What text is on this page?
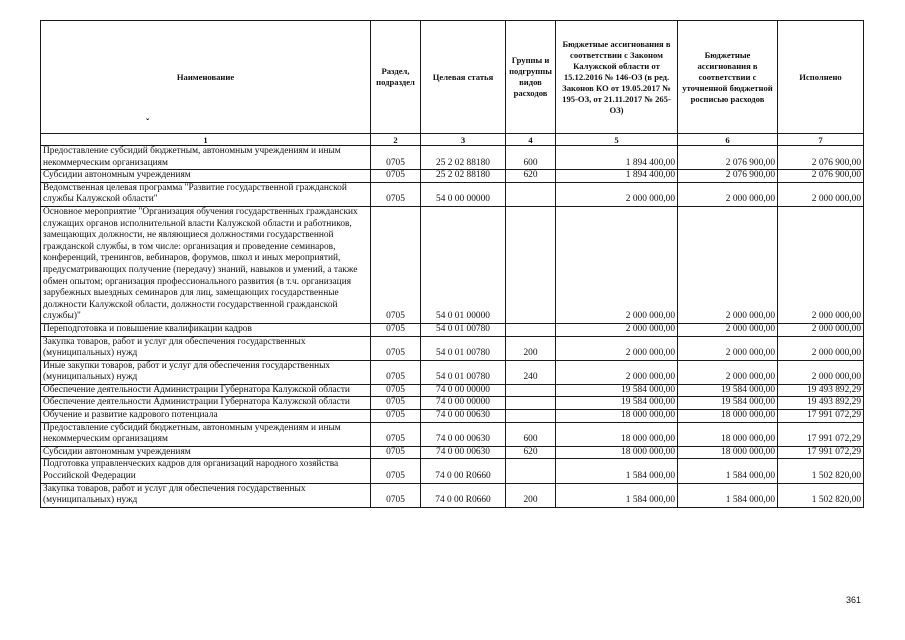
Наименование	Раздел, подраздел	Целевая статья	Группы и подгруппы видов расходов	Бюджетные ассигнования в соответствии с Законом Калужской области от 15.12.2016 № 146-ОЗ (в ред. Законов КО от 19.05.2017 № 195-ОЗ, от 21.11.2017 № 265-ОЗ)	Бюджетные ассигнования в соответствии с уточненной бюджетной росписью расходов	Исполнено
1	2	3	4	5	6	7
Предоставление субсидий бюджетным, автономным учреждениям и иным некоммерческим организациям	0705	25 2 02 88180	600	1 894 400,00	2 076 900,00	2 076 900,00
Субсидии автономным учреждениям	0705	25 2 02 88180	620	1 894 400,00	2 076 900,00	2 076 900,00
Ведомственная целевая программа "Развитие государственной гражданской службы Калужской области"	0705	54 0 00 00000		2 000 000,00	2 000 000,00	2 000 000,00
Основное мероприятие "Организация обучения государственных гражданских служащих органов исполнительной власти Калужской области и работников, замещающих должности, не являющиеся должностями государственной гражданской службы, в том числе: организация и проведение семинаров, конференций, тренингов, вебинаров, форумов, школ и иных мероприятий, предусматривающих получение (передачу) знаний, навыков и умений, а также обмен опытом; организация профессионального развития (в т.ч. организация зарубежных выездных семинаров для лиц, замещающих государственные должности Калужской области, должности государственной гражданской службы)"	0705	54 0 01 00000		2 000 000,00	2 000 000,00	2 000 000,00
Переподготовка и повышение квалификации кадров	0705	54 0 01 00780		2 000 000,00	2 000 000,00	2 000 000,00
Закупка товаров, работ и услуг для обеспечения государственных (муниципальных) нужд	0705	54 0 01 00780	200	2 000 000,00	2 000 000,00	2 000 000,00
Иные закупки товаров, работ и услуг для обеспечения государственных (муниципальных) нужд	0705	54 0 01 00780	240	2 000 000,00	2 000 000,00	2 000 000,00
Обеспечение деятельности Администрации Губернатора Калужской области	0705	74 0 00 00000		19 584 000,00	19 584 000,00	19 493 892,29
Обеспечение деятельности Администрации Губернатора Калужской области	0705	74 0 00 00000		19 584 000,00	19 584 000,00	19 493 892,29
Обучение и развитие кадрового потенциала	0705	74 0 00 00630		18 000 000,00	18 000 000,00	17 991 072,29
Предоставление субсидий бюджетным, автономным учреждениям и иным некоммерческим организациям	0705	74 0 00 00630	600	18 000 000,00	18 000 000,00	17 991 072,29
Субсидии автономным учреждениям	0705	74 0 00 00630	620	18 000 000,00	18 000 000,00	17 991 072,29
Подготовка управленческих кадров для организаций народного хозяйства Российской Федерации	0705	74 0 00 R0660		1 584 000,00	1 584 000,00	1 502 820,00
Закупка товаров, работ и услуг для обеспечения государственных (муниципальных) нужд	0705	74 0 00 R0660	200	1 584 000,00	1 584 000,00	1 502 820,00
ˇ
361
